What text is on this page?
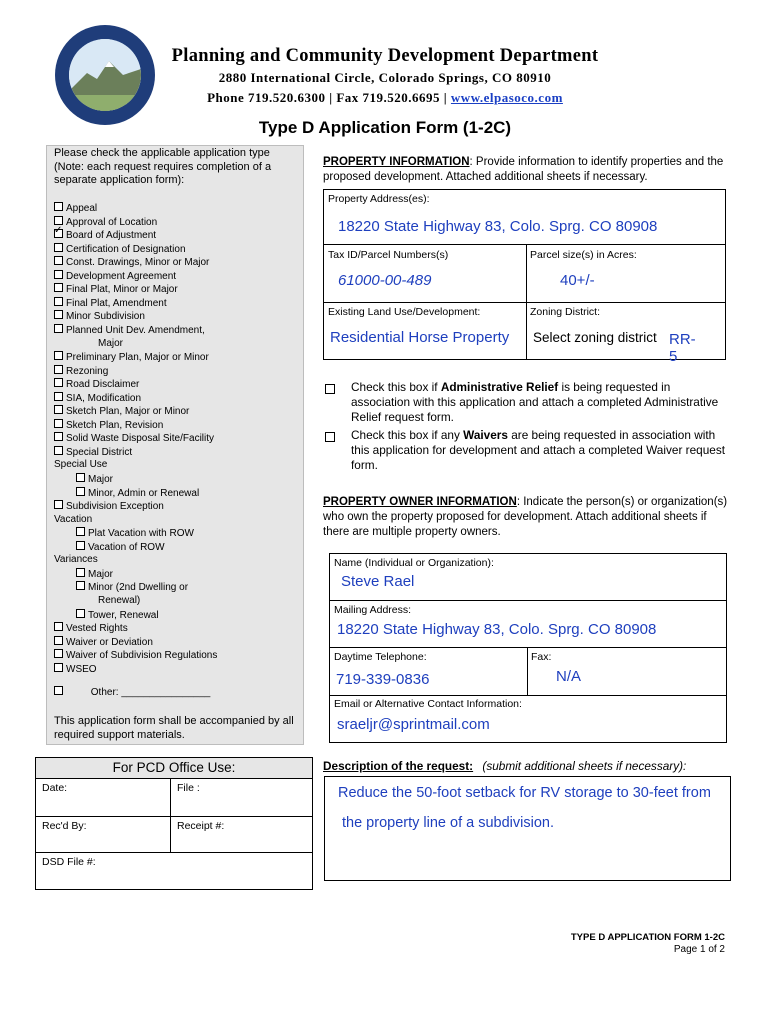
Planning and Community Development Department
2880 International Circle, Colorado Springs, CO 80910
Phone 719.520.6300 | Fax 719.520.6695 | www.elpasoco.com
Type D Application Form (1-2C)
Please check the applicable application type (Note: each request requires completion of a separate application form):
Appeal
Approval of Location
✓Board of Adjustment
Certification of Designation
Const. Drawings, Minor or Major
Development Agreement
Final Plat, Minor or Major
Final Plat, Amendment
Minor Subdivision
Planned Unit Dev. Amendment,
Major
Preliminary Plan, Major or Minor
Rezoning
Road Disclaimer
SIA, Modification
Sketch Plan, Major or Minor
Sketch Plan, Revision
Solid Waste Disposal Site/Facility
Special District
Special Use
Major
Minor, Admin or Renewal
Subdivision Exception
Vacation
Plat Vacation with ROW
Vacation of ROW
Variances
Major
Minor (2nd Dwelling or
Renewal)
Tower, Renewal
Vested Rights
Waiver or Deviation
Waiver of Subdivision Regulations
WSEO
Other: ________________
This application form shall be accompanied by all required support materials.
For PCD Office Use:
Date:	File :
Rec'd By:	Receipt #:
DSD File #:
PROPERTY INFORMATION: Provide information to identify properties and the proposed development. Attached additional sheets if necessary.
Property Address(es):
18220 State Highway 83, Colo. Sprg. CO 80908
Tax ID/Parcel Numbers(s)
61000-00-489
Parcel size(s) in Acres:
40+/-
Existing Land Use/Development:
Residential Horse Property
Zoning District:
Select zoning district RR-5
Check this box if Administrative Relief is being requested in association with this application and attach a completed Administrative Relief request form.
Check this box if any Waivers are being requested in association with this application for development and attach a completed Waiver request form.
PROPERTY OWNER INFORMATION: Indicate the person(s) or organization(s) who own the property proposed for development. Attach additional sheets if there are multiple property owners.
Name (Individual or Organization):
Steve Rael
Mailing Address:
18220 State Highway 83, Colo. Sprg. CO 80908
Daytime Telephone:
719-339-0836
Fax:
N/A
Email or Alternative Contact Information:
sraeljr@sprintmail.com
Description of the request: (submit additional sheets if necessary):
Reduce the 50-foot setback for RV storage to 30-feet from
the property line of a subdivision.
TYPE D APPLICATION FORM 1-2C
Page 1 of 2
